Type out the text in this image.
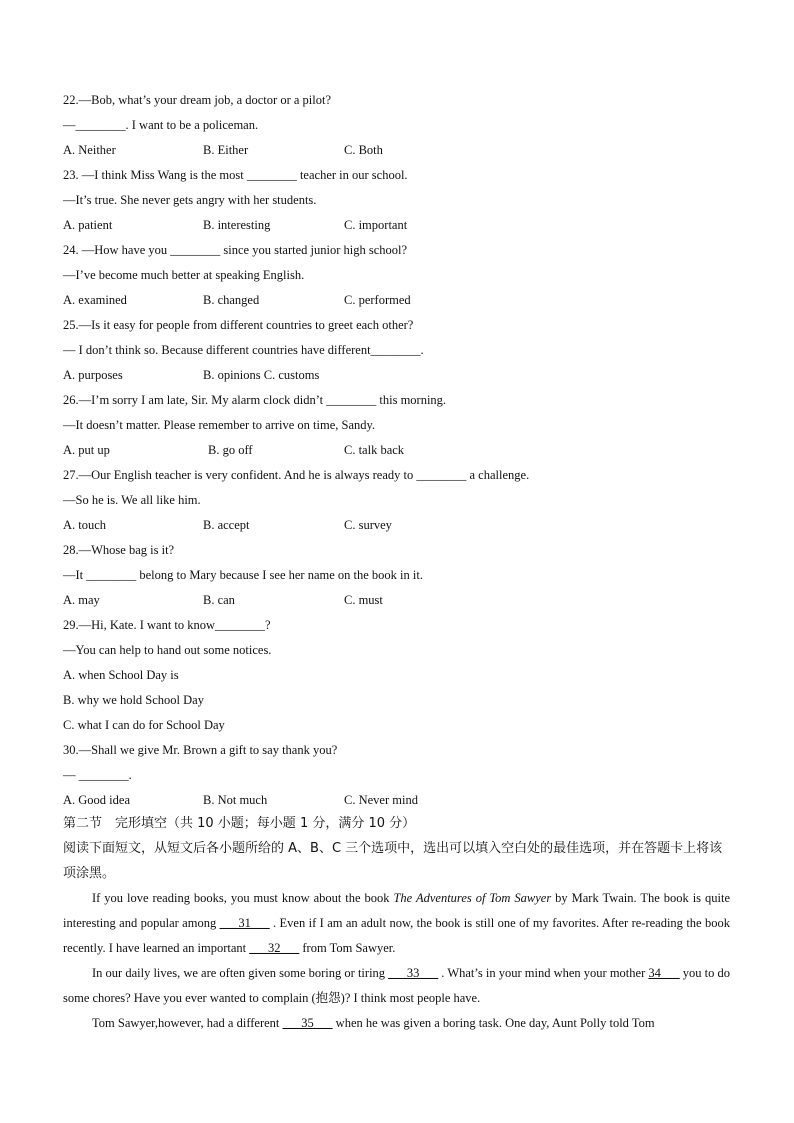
22.—Bob, what’s your dream job, a doctor or a pilot?
—________. I want to be a policeman.
A. Neither	B. Either	C. Both
23. —I think Miss Wang is the most ________ teacher in our school.
—It’s true. She never gets angry with her students.
A. patient	B. interesting	C. important
24. —How have you ________ since you started junior high school?
—I’ve become much better at speaking English.
A. examined	B. changed	C. performed
25.—Is it easy for people from different countries to greet each other?
— I don’t think so. Because different countries have different________.
A. purposes	B. opinions C. customs
26.—I’m sorry I am late, Sir. My alarm clock didn’t ________ this morning.
—It doesn’t matter. Please remember to arrive on time, Sandy.
A. put up	B. go off	C. talk back
27.—Our English teacher is very confident. And he is always ready to ________ a challenge.
—So he is. We all like him.
A. touch	B. accept	C. survey
28.—Whose bag is it?
—It ________ belong to Mary because I see her name on the book in it.
A. may	B. can	C. must
29.—Hi, Kate. I want to know________?
—You can help to hand out some notices.
A. when School Day is
B. why we hold School Day
C. what I can do for School Day
30.—Shall we give Mr. Brown a gift to say thank you?
— ________.
A. Good idea	B. Not much	C. Never mind
第二节　完形填空（共 10 小题；每小题 1 分，满分 10 分）
阅读下面短文，从短文后各小题所给的 A、B、C 三个选项中，选出可以填入空白处的最佳选项，并在答题卡上将该项涂黑。
If you love reading books, you must know about the book The Adventures of Tom Sawyer by Mark Twain. The book is quite interesting and popular among ___31___ . Even if I am an adult now, the book is still one of my favorites. After re-reading the book recently. I have learned an important ___32___ from Tom Sawyer.
In our daily lives, we are often given some boring or tiring ___33___ . What’s in your mind when your mother 34___ you to do some chores? Have you ever wanted to complain (抱怨)? I think most people have.
Tom Sawyer,however, had a different ___35___ when he was given a boring task. One day, Aunt Polly told Tom
